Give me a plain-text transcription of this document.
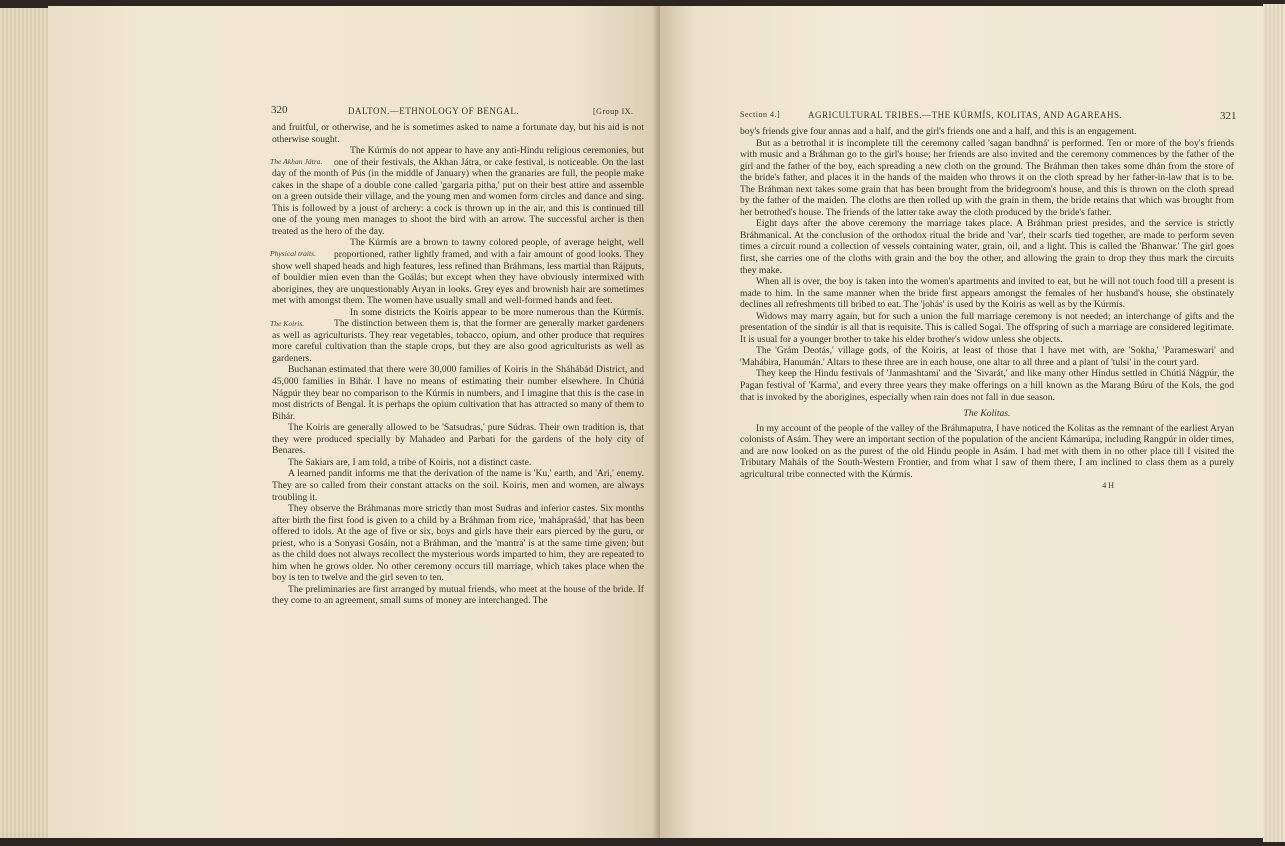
320	DALTON.—ETHNOLOGY OF BENGAL.	[Group IX.

and fruitful, or otherwise, and he is sometimes asked to name a fortunate day, but his aid is not otherwise sought.

The Akhan Játra.
The Kúrmís do not appear to have any anti-Hindu religious ceremonies, but one of their festivals, the Akhan Játra, or cake festival, is noticeable. On the last day of the month of Pús (in the middle of January) when the granaries are full, the people make cakes in the shape of a double cone called 'gargaria pitha,' put on their best attire and assemble on a green outside their village, and the young men and women form circles and dance and sing. This is followed by a joust of archery: a cock is thrown up in the air, and this is continued till one of the young men manages to shoot the bird with an arrow. The successful archer is then treated as the hero of the day.

Physical traits.
The Kúrmís are a brown to tawny colored people, of average height, well proportioned, rather lightly framed, and with a fair amount of good looks. They show well shaped heads and high features, less refined than Bráhmans, less martial than Rájputs, of bouldier mien even than the Goálás; but except when they have obviously intermixed with aborigines, they are unquestionably Aryan in looks. Grey eyes and brownish hair are sometimes met with amongst them. The women have usually small and well-formed hands and feet.

The Koiris.
In some districts the Koiris appear to be more numerous than the Kúrmís. The distinction between them is, that the former are generally market gardeners as well as agriculturists. They rear vegetables, tobacco, opium, and other produce that requires more careful cultivation than the staple crops, but they are also good agriculturists as well as gardeners.

Buchanan estimated that there were 30,000 families of Koiris in the Sháhábád District, and 45,000 families in Bihár. I have no means of estimating their number elsewhere. In Chútiá Nágpúr they bear no comparison to the Kúrmís in numbers, and I imagine that this is the case in most districts of Bengal. It is perhaps the opium cultivation that has attracted so many of them to Bihár.

The Koiris are generally allowed to be 'Satsudras,' pure Súdras. Their own tradition is, that they were produced specially by Mahadeo and Parbati for the gardens of the holy city of Benares.

The Sakiars are, I am told, a tribe of Koiris, not a distinct caste.

A learned pandit informs me that the derivation of the name is 'Ku,' earth, and 'Ari,' enemy. They are so called from their constant attacks on the soil. Koiris, men and women, are always troubling it.

They observe the Bráhmanas more strictly than most Sudras and inferior castes. Six months after birth the first food is given to a child by a Bráhman from rice, 'mahápraśád,' that has been offered to idols. At the age of five or six, boys and girls have their ears pierced by the guru, or priest, who is a Sonyasi Gosáin, not a Bráhman, and the 'mantra' is at the same time given; but as the child does not always recollect the mysterious words imparted to him, they are repeated to him when he grows older. No other ceremony occurs till marriage, which takes place when the boy is ten to twelve and the girl seven to ten.

The preliminaries are first arranged by mutual friends, who meet at the house of the bride. If they come to an agreement, small sums of money are interchanged. The

Section 4.]	AGRICULTURAL TRIBES.—THE KÚRMÍS, KOLITAS, AND AGAREAHS.	321

boy's friends give four annas and a half, and the girl's friends one and a half, and this is an engagement.

But as a betrothal it is incomplete till the ceremony called 'sagan bandhná' is performed. Ten or more of the boy's friends with music and a Bráhman go to the girl's house; her friends are also invited and the ceremony commences by the father of the girl and the father of the boy, each spreading a new cloth on the ground. The Bráhman then takes some dhán from the store of the bride's father, and places it in the hands of the maiden who throws it on the cloth spread by her father-in-law that is to be. The Bráhman next takes some grain that has been brought from the bridegroom's house, and this is thrown on the cloth spread by the father of the maiden. The cloths are then rolled up with the grain in them, the bride retains that which was brought from her betrothed's house. The friends of the latter take away the cloth produced by the bride's father.

Eight days after the above ceremony the marriage takes place. A Bráhman priest presides, and the service is strictly Bráhmanical. At the conclusion of the orthodox ritual the bride and 'var', their scarfs tied together, are made to perform seven times a circuit round a collection of vessels containing water, grain, oil, and a light. This is called the 'Bhanwar.' The girl goes first, she carries one of the cloths with grain and the boy the other, and allowing the grain to drop they thus mark the circuits they make.

When all is over, the boy is taken into the women's apartments and invited to eat, but he will not touch food till a present is made to him. In the same manner when the bride first appears amongst the females of her husband's house, she obstinately declines all refreshments till bribed to eat. The 'johás' is used by the Koiris as well as by the Kúrmís.

Widows may marry again, but for such a union the full marriage ceremony is not needed; an interchange of gifts and the presentation of the sindúr is all that is requisite. This is called Sogai. The offspring of such a marriage are considered legitimate. It is usual for a younger brother to take his elder brother's widow unless she objects.

The 'Grám Deotás,' village gods, of the Koiris, at least of those that I have met with, are 'Sokha,' 'Parameswari' and 'Mahábira, Hanumán.' Altars to these three are in each house, one altar to all three and a plant of 'tulsi' in the court yard.

They keep the Hindu festivals of 'Janmashtami' and the 'Sivarát,' and like many other Hindus settled in Chútiá Nágpúr, the Pagan festival of 'Karma', and every three years they make offerings on a hill known as the Marang Búru of the Kols, the god that is invoked by the aborigines, especially when rain does not fall in due season.

The Kolitas.

In my account of the people of the valley of the Bráhmaputra, I have noticed the Kolitas as the remnant of the earliest Aryan colonists of Asám. They were an important section of the population of the ancient Kámarúpa, including Rangpúr in older times, and are now looked on as the purest of the old Hindu people in Asám. I had met with them in no other place till I visited the Tributary Maháls of the South-Western Frontier, and from what I saw of them there, I am inclined to class them as a purely agricultural tribe connected with the Kúrmís.

4 H
